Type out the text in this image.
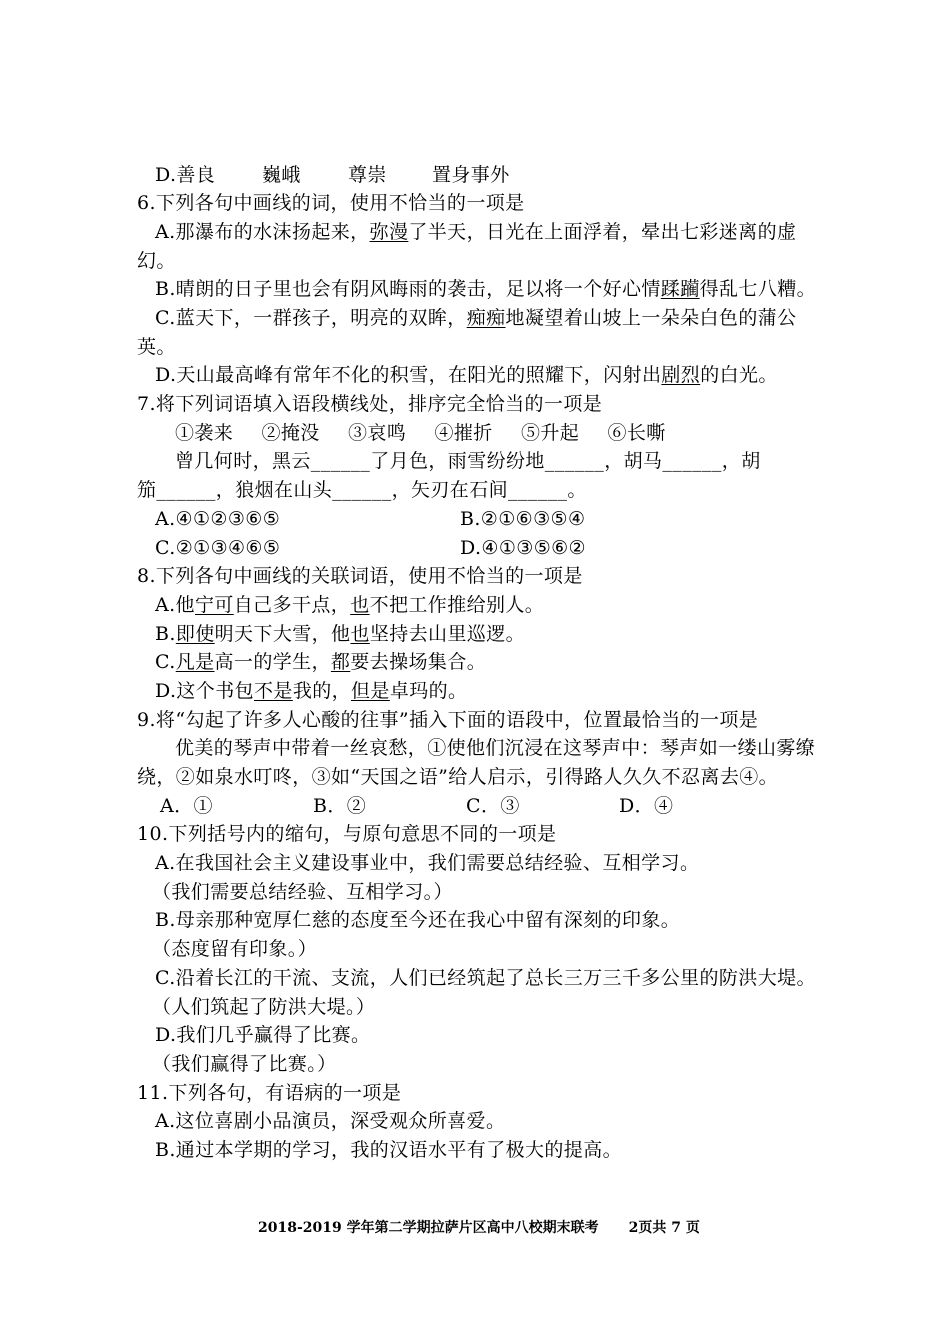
D.善良 巍峨 尊崇 置身事外
6.下列各句中画线的词，使用不恰当的一项是
A.那瀑布的水沫扬起来，弥漫了半天，日光在上面浮着，晕出七彩迷离的虚
幻。
B.晴朗的日子里也会有阴风晦雨的袭击，足以将一个好心情蹂躏得乱七八糟。
C.蓝天下，一群孩子，明亮的双眸，痴痴地凝望着山坡上一朵朵白色的蒲公
英。
D.天山最高峰有常年不化的积雪，在阳光的照耀下，闪射出剧烈的白光。
7.将下列词语填入语段横线处，排序完全恰当的一项是
①袭来 ②掩没 ③哀鸣 ④摧折 ⑤升起 ⑥长嘶
曾几何时，黑云______了月色，雨雪纷纷地______，胡马______，胡
笳______，狼烟在山头______，矢刃在石间______。
A.④①②③⑥⑤	B.②①⑥③⑤④
C.②①③④⑥⑤	D.④①③⑤⑥②
8.下列各句中画线的关联词语，使用不恰当的一项是
A.他宁可自己多干点，也不把工作推给别人。
B.即使明天下大雪，他也坚持去山里巡逻。
C.凡是高一的学生，都要去操场集合。
D.这个书包不是我的，但是卓玛的。
9.将“勾起了许多人心酸的往事”插入下面的语段中，位置最恰当的一项是
优美的琴声中带着一丝哀愁，①使他们沉浸在这琴声中：琴声如一缕山雾缭
绕，②如泉水叮咚，③如“天国之语”给人启示，引得路人久久不忍离去④。
A．①	B．②	C．③	D．④
10.下列括号内的缩句，与原句意思不同的一项是
A.在我国社会主义建设事业中，我们需要总结经验、互相学习。
（我们需要总结经验、互相学习。）
B.母亲那种宽厚仁慈的态度至今还在我心中留有深刻的印象。
（态度留有印象。）
C.沿着长江的干流、支流，人们已经筑起了总长三万三千多公里的防洪大堤。
（人们筑起了防洪大堤。）
D.我们几乎赢得了比赛。
（我们赢得了比赛。）
11.下列各句，有语病的一项是
A.这位喜剧小品演员，深受观众所喜爱。
B.通过本学期的学习，我的汉语水平有了极大的提高。
2018-2019 学年第二学期拉萨片区高中八校期末联考 2页共 7 页
